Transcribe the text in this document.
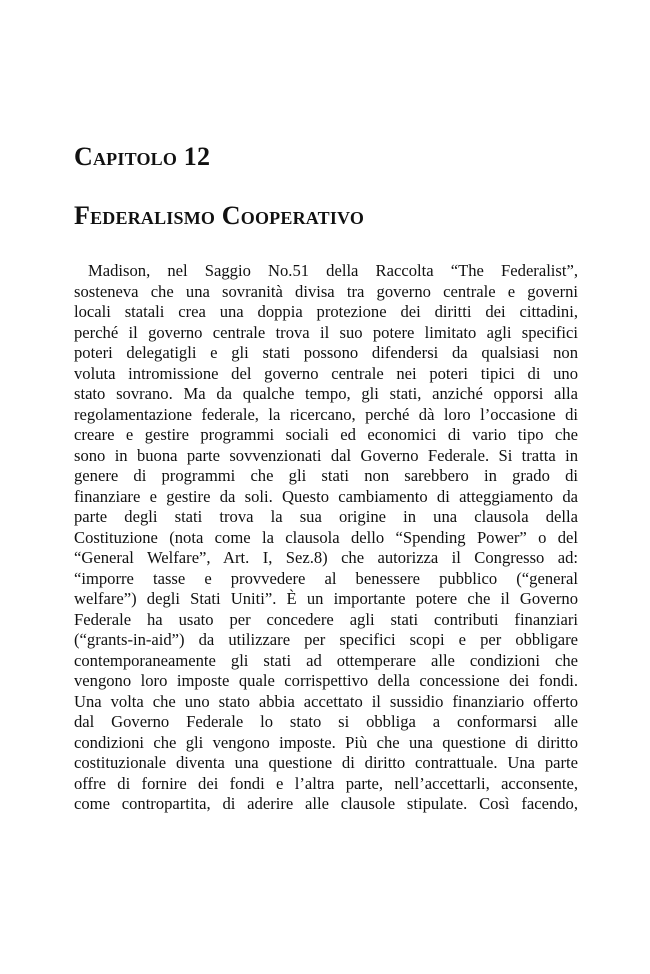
Capitolo 12
Federalismo Cooperativo
Madison, nel Saggio No.51 della Raccolta “The Federalist”,
sosteneva che una sovranità divisa tra governo centrale e governi
locali statali crea una doppia protezione dei diritti dei cittadini,
perché il governo centrale trova il suo potere limitato agli specifici
poteri delegatigli e gli stati possono difendersi da qualsiasi non
voluta intromissione del governo centrale nei poteri tipici di uno
stato sovrano. Ma da qualche tempo, gli stati, anziché opporsi alla
regolamentazione federale, la ricercano, perché dà loro l’occasione di
creare e gestire programmi sociali ed economici di vario tipo che
sono in buona parte sovvenzionati dal Governo Federale. Si tratta in
genere di programmi che gli stati non sarebbero in grado di
finanziare e gestire da soli. Questo cambiamento di atteggiamento da
parte degli stati trova la sua origine in una clausola della
Costituzione (nota come la clausola dello “Spending Power” o del
“General Welfare”, Art. I, Sez.8) che autorizza il Congresso ad:
“imporre tasse e provvedere al benessere pubblico (“general
welfare”) degli Stati Uniti”. È un importante potere che il Governo
Federale ha usato per concedere agli stati contributi finanziari
(“grants-in-aid”) da utilizzare per specifici scopi e per obbligare
contemporaneamente gli stati ad ottemperare alle condizioni che
vengono loro imposte quale corrispettivo della concessione dei fondi.
Una volta che uno stato abbia accettato il sussidio finanziario offerto
dal Governo Federale lo stato si obbliga a conformarsi alle
condizioni che gli vengono imposte. Più che una questione di diritto
costituzionale diventa una questione di diritto contrattuale. Una parte
offre di fornire dei fondi e l’altra parte, nell’accettarli, acconsente,
come contropartita, di aderire alle clausole stipulate. Così facendo,
